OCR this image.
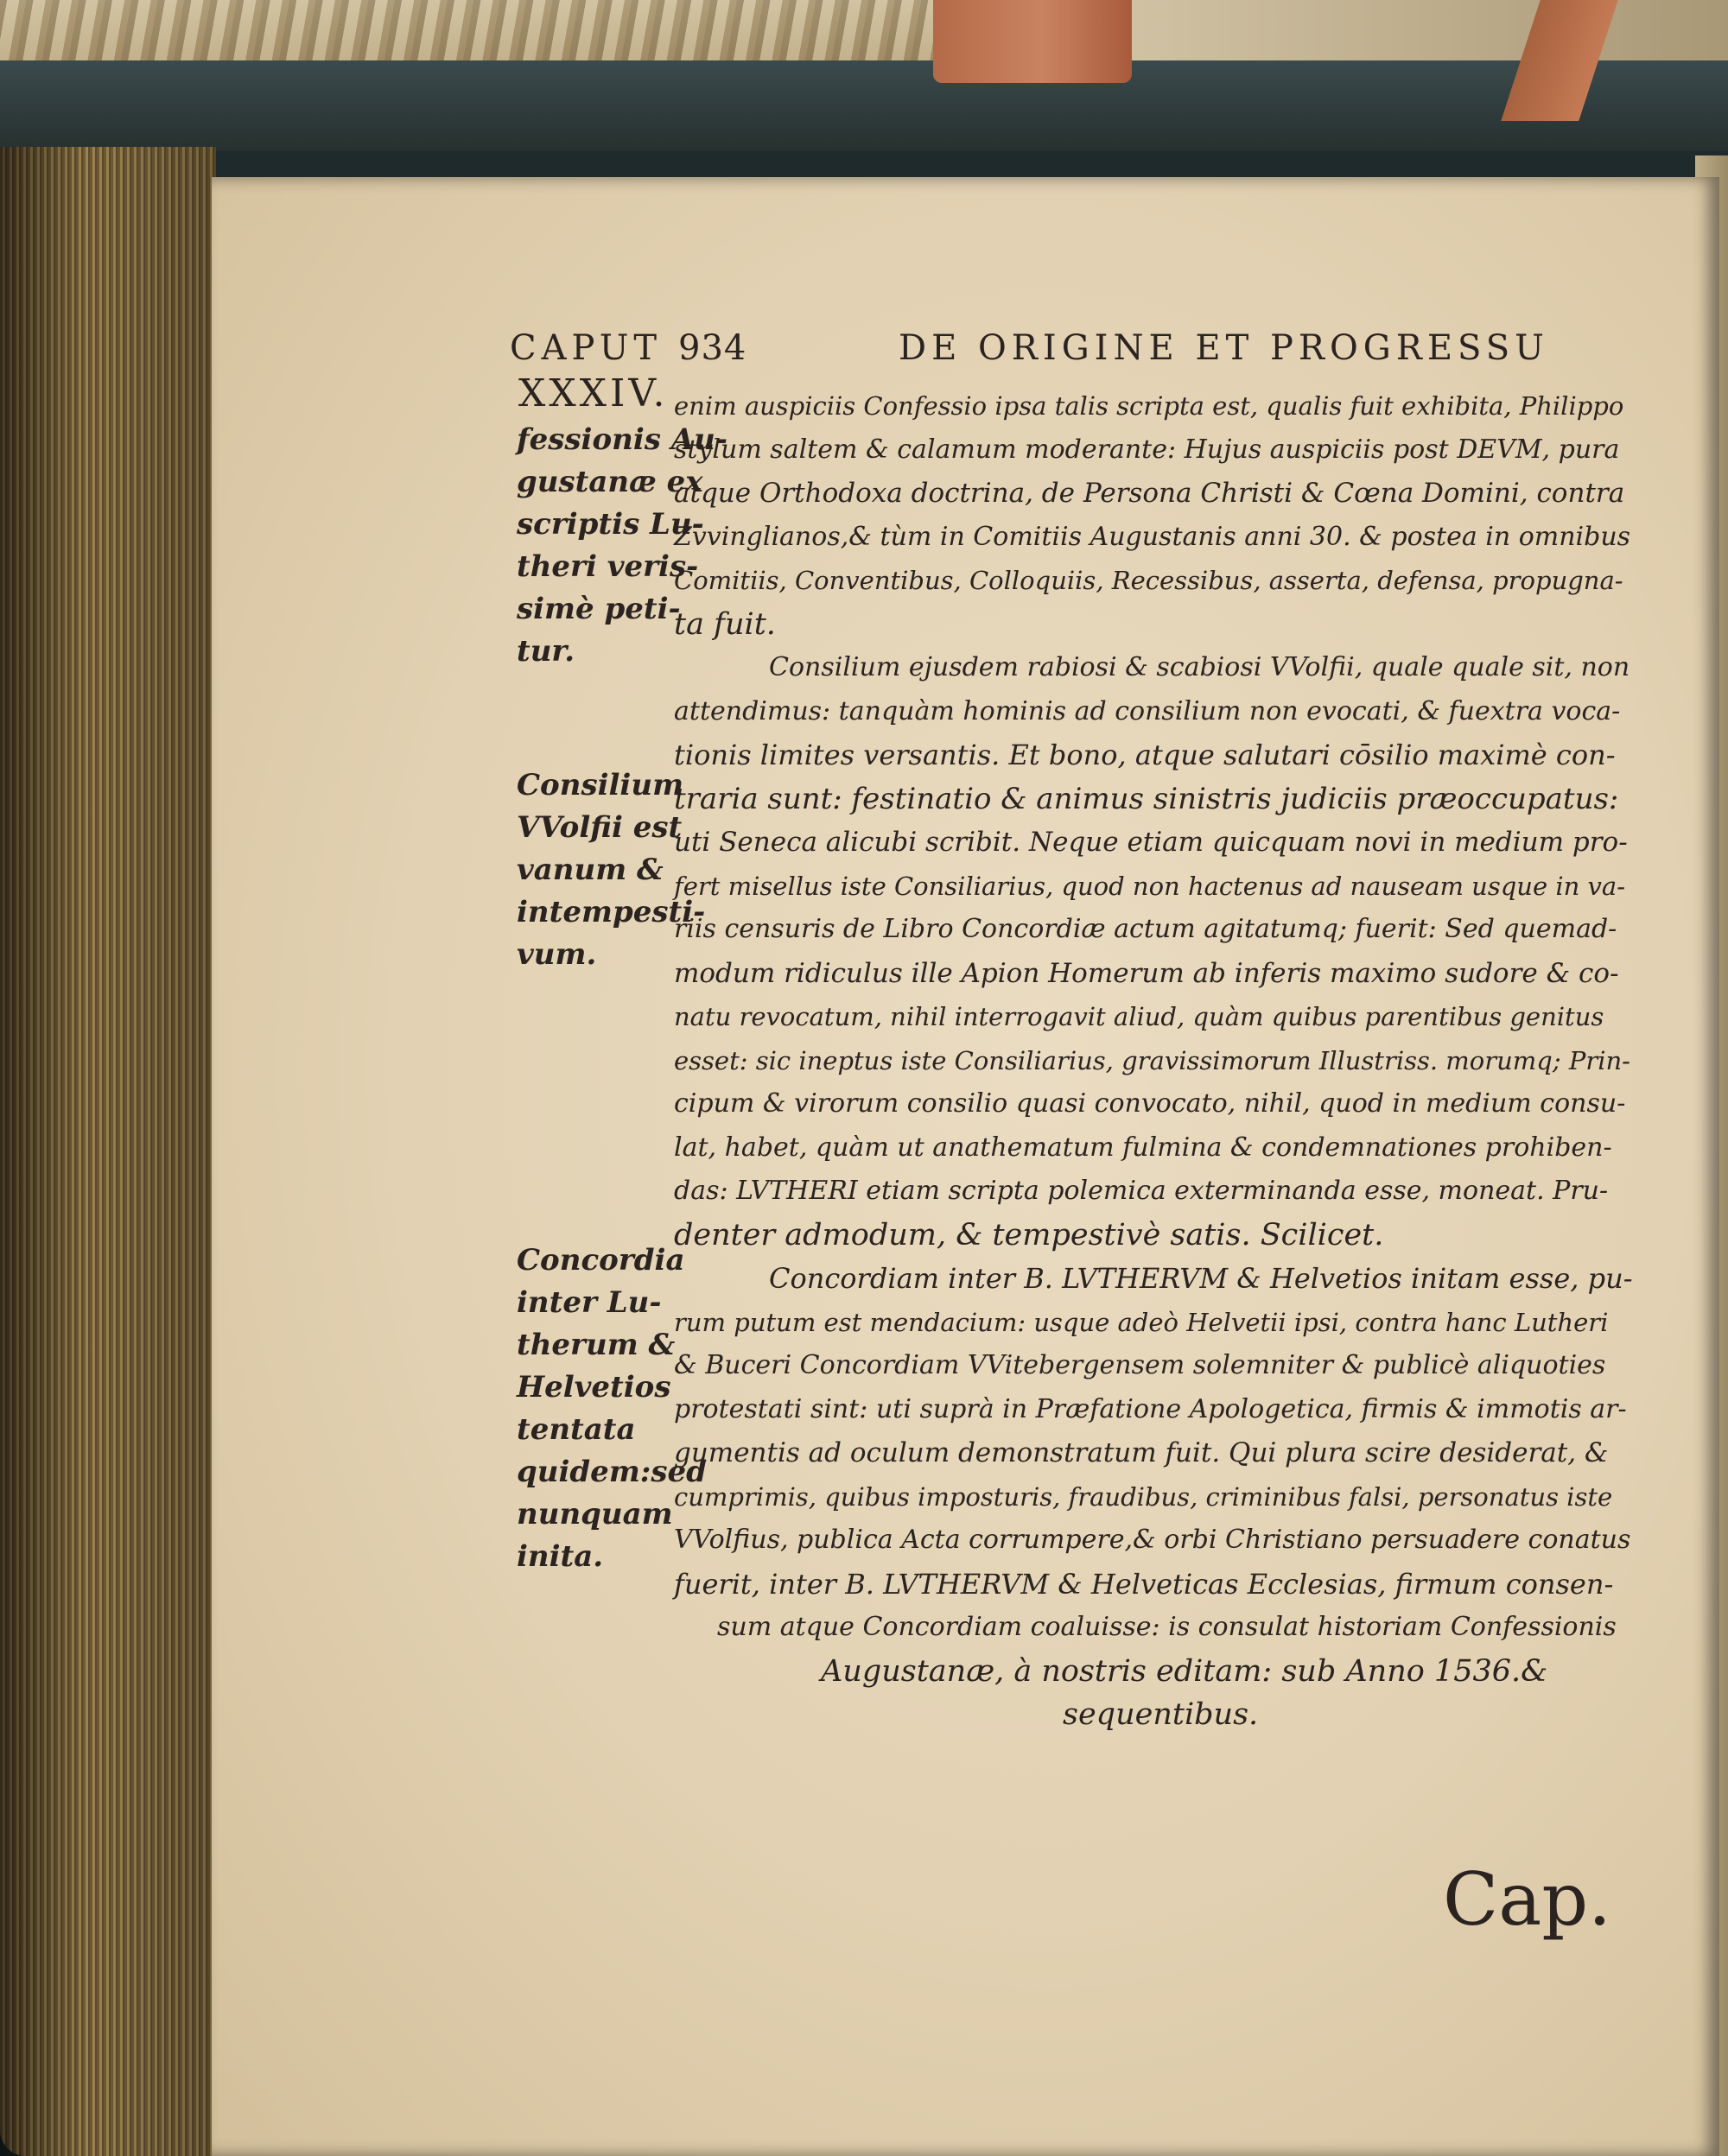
CAPUT 934	DE ORIGINE ET PROGRESSU
XXXIV.
fessionis Au-
gustanæ ex
scriptis Lu-
theri veris-
simè peti-
tur.
Consilium
VVolfii est
vanum &
intempesti-
vum.
Concordia
inter Lu-
therum &
Helvetios
tentata
quidem:sed
nunquam
inita.
enim auspiciis Confessio ipsa talis scripta est, qualis fuit exhibita, Philippo
stylum saltem & calamum moderante: Hujus auspiciis post DEVM, pura
atque Orthodoxa doctrina, de Persona Christi & Cœna Domini, contra
Zvvinglianos,& tùm in Comitiis Augustanis anni 30. & postea in omnibus
Comitiis, Conventibus, Colloquiis, Recessibus, asserta, defensa, propugna-
ta fuit.
Consilium ejusdem rabiosi & scabiosi VVolfii, quale quale sit, non
attendimus: tanquàm hominis ad consilium non evocati, & fuextra voca-
tionis limites versantis. Et bono, atque salutari cōsilio maximè con-
traria sunt: festinatio & animus sinistris judiciis præoccupatus:
uti Seneca alicubi scribit. Neque etiam quicquam novi in medium pro-
fert misellus iste Consiliarius, quod non hactenus ad nauseam usque in va-
riis censuris de Libro Concordiæ actum agitatumq; fuerit: Sed quemad-
modum ridiculus ille Apion Homerum ab inferis maximo sudore & co-
natu revocatum, nihil interrogavit aliud, quàm quibus parentibus genitus
esset: sic ineptus iste Consiliarius, gravissimorum Illustriss. morumq; Prin-
cipum & virorum consilio quasi convocato, nihil, quod in medium consu-
lat, habet, quàm ut anathematum fulmina & condemnationes prohiben-
das: LVTHERI etiam scripta polemica exterminanda esse, moneat. Pru-
denter admodum, & tempestivè satis. Scilicet.
Concordiam inter B. LVTHERVM & Helvetios initam esse, pu-
rum putum est mendacium: usque adeò Helvetii ipsi, contra hanc Lutheri
& Buceri Concordiam VVitebergensem solemniter & publicè aliquoties
protestati sint: uti suprà in Præfatione Apologetica, firmis & immotis ar-
gumentis ad oculum demonstratum fuit. Qui plura scire desiderat, &
cumprimis, quibus imposturis, fraudibus, criminibus falsi, personatus iste
VVolfius, publica Acta corrumpere,& orbi Christiano persuadere conatus
fuerit, inter B. LVTHERVM & Helveticas Ecclesias, firmum consen-
sum atque Concordiam coaluisse: is consulat historiam Confessionis
Augustanæ, à nostris editam: sub Anno 1536.&
sequentibus.
Cap.
